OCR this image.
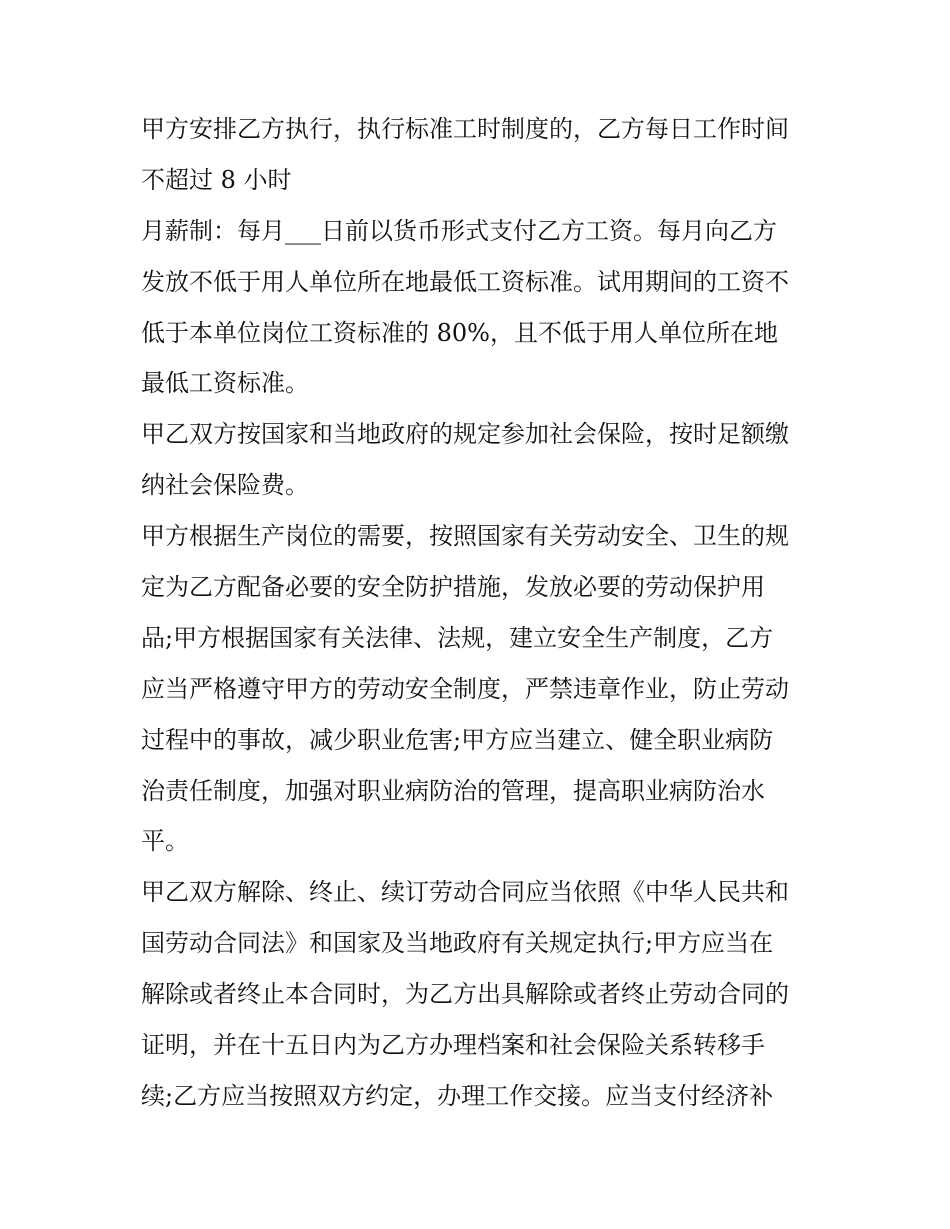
甲方安排乙方执行，执行标准工时制度的，乙方每日工作时间
不超过 8 小时
月薪制：每月___日前以货币形式支付乙方工资。每月向乙方
发放不低于用人单位所在地最低工资标准。试用期间的工资不
低于本单位岗位工资标准的 80%，且不低于用人单位所在地
最低工资标准。
甲乙双方按国家和当地政府的规定参加社会保险，按时足额缴
纳社会保险费。
甲方根据生产岗位的需要，按照国家有关劳动安全、卫生的规
定为乙方配备必要的安全防护措施，发放必要的劳动保护用
品;甲方根据国家有关法律、法规，建立安全生产制度，乙方
应当严格遵守甲方的劳动安全制度，严禁违章作业，防止劳动
过程中的事故，减少职业危害;甲方应当建立、健全职业病防
治责任制度，加强对职业病防治的管理，提高职业病防治水
平。
甲乙双方解除、终止、续订劳动合同应当依照《中华人民共和
国劳动合同法》和国家及当地政府有关规定执行;甲方应当在
解除或者终止本合同时，为乙方出具解除或者终止劳动合同的
证明，并在十五日内为乙方办理档案和社会保险关系转移手
续;乙方应当按照双方约定，办理工作交接。应当支付经济补
